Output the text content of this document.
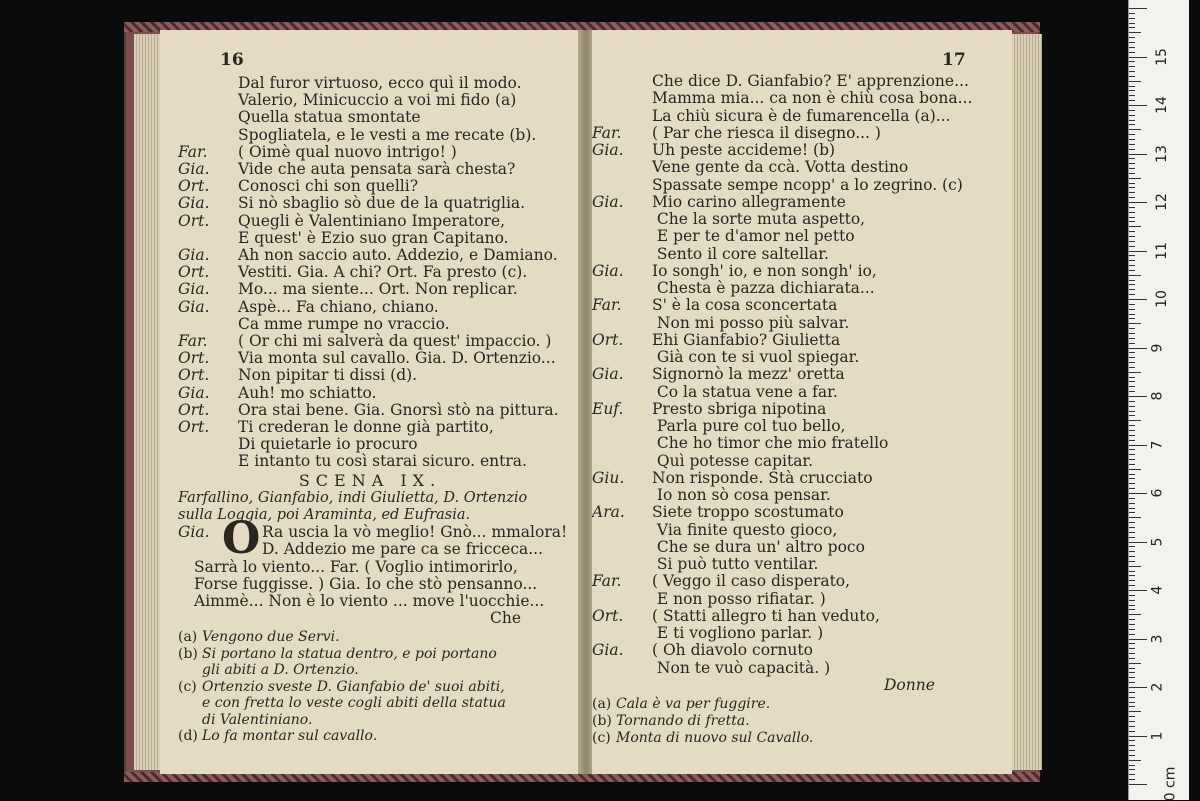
16
Dal furor virtuoso, ecco quì il modo.
Valerio, Minicuccio a voi mi fido (a)
Quella statua smontate
Spogliatela, e le vesti a me recate (b).
Far. ( Oimè qual nuovo intrigo! )
Gia. Vide che auta pensata sarà chesta?
Ort. Conosci chi son quelli?
Gia. Si nò sbaglio sò due de la quatriglia.
Ort. Quegli è Valentiniano Imperatore,
E quest' è Ezio suo gran Capitano.
Gia. Ah non saccio auto. Addezio, e Damiano.
Ort. Vestiti. Gia. A chi? Ort. Fa presto (c).
Gia. Mo... ma siente... Ort. Non replicar.
Gia. Aspè... Fa chiano, chiano.
Ca mme rumpe no vraccio.
Far. ( Or chi mi salverà da quest' impaccio. )
Ort. Via monta sul cavallo. Gia. D. Ortenzio...
Ort. Non pipitar ti dissi (d).
Gia. Auh! mo schiatto.
Ort. Ora stai bene. Gia. Gnorsì stò na pittura.
Ort. Ti crederan le donne già partito,
Di quietarle io procuro
E intanto tu così starai sicuro. entra.
SCENA IX.
Farfallino, Gianfabio, indi Giulietta, D. Ortenzio
sulla Loggia, poi Araminta, ed Eufrasia.
Gia. O Ra uscia la vò meglio! Gnò... mmalora!
D. Addezio me pare ca se fricceca...
Sarrà lo viento... Far. ( Voglio intimorirlo,
Forse fuggisse. ) Gia. Io che stò pensanno...
Aimmè... Non è lo viento ... move l'uocchie...
Che
(a) Vengono due Servi.
(b) Si portano la statua dentro, e poi portano
gli abiti a D. Ortenzio.
(c) Ortenzio sveste D. Gianfabio de' suoi abiti,
e con fretta lo veste cogli abiti della statua
di Valentiniano.
(d) Lo fa montar sul cavallo.
17
Che dice D. Gianfabio? E' apprenzione...
Mamma mia... ca non è chiù cosa bona...
La chiù sicura è de fumarencella (a)...
Far. ( Par che riesca il disegno... )
Gia. Uh peste accideme! (b)
Vene gente da ccà. Votta destino
Spassate sempe ncopp' a lo zegrino. (c)
Gia. Mio carino allegramente
Che la sorte muta aspetto,
E per te d'amor nel petto
Sento il core saltellar.
Gia. Io songh' io, e non songh' io,
Chesta è pazza dichiarata...
Far. S' è la cosa sconcertata
Non mi posso più salvar.
Ort. Ehi Gianfabio? Giulietta
Già con te si vuol spiegar.
Gia. Signornò la mezz' oretta
Co la statua vene a far.
Euf. Presto sbriga nipotina
Parla pure col tuo bello,
Che ho timor che mio fratello
Quì potesse capitar.
Giu. Non risponde. Stà crucciato
Io non sò cosa pensar.
Ara. Siete troppo scostumato
Via finite questo gioco,
Che se dura un' altro poco
Si può tutto ventilar.
Far. ( Veggo il caso disperato,
E non posso rifiatar. )
Ort. ( Statti allegro ti han veduto,
E ti vogliono parlar. )
Gia. ( Oh diavolo cornuto
Non te vuò capacità. )
Donne
(a) Cala è va per fuggire.
(b) Tornando di fretta.
(c) Monta di nuovo sul Cavallo.
15
14
13
12
11
10
9
8
7
6
5
4
3
2
1
0 cm
